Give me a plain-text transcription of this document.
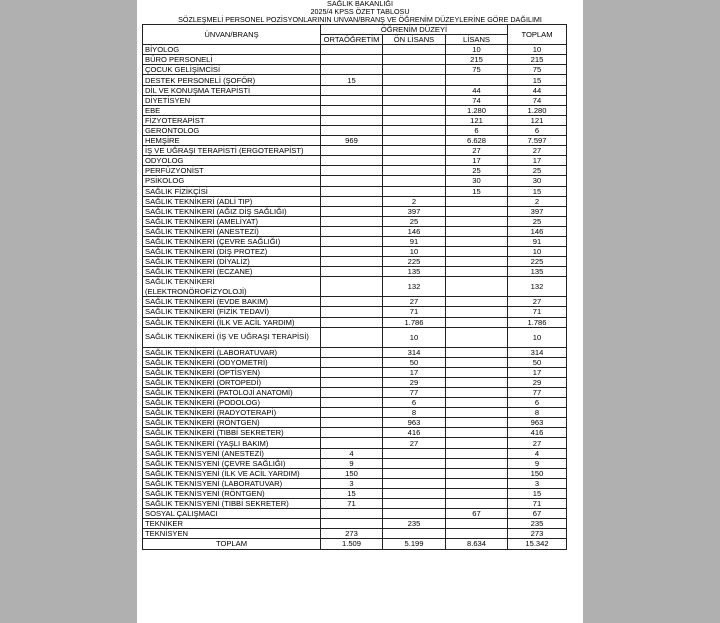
SAĞLIK BAKANLIĞI
2025/4 KPSS ÖZET TABLOSU
SÖZLEŞMELİ PERSONEL POZİSYONLARININ UNVAN/BRANŞ VE ÖĞRENİM DÜZEYLERİNE GÖRE DAĞILIMI
ÜNVAN/BRANŞ	ÖĞRENİM DÜZEYİ			TOPLAM
	ORTAÖĞRETİM	ÖN LİSANS	LİSANS	
BİYOLOG			10	10
BÜRO PERSONELİ			215	215
ÇOCUK GELİŞİMCİSİ			75	75
DESTEK PERSONELİ (ŞOFÖR)	15			15
DİL VE KONUŞMA TERAPİSTİ			44	44
DİYETİSYEN			74	74
EBE			1.280	1.280
FİZYOTERAPİST			121	121
GERONTOLOG			6	6
HEMŞİRE	969		6.628	7.597
İŞ VE UĞRAŞI TERAPİSTİ (ERGOTERAPİST)			27	27
ODYOLOG			17	17
PERFÜZYONİST			25	25
PSİKOLOG			30	30
SAĞLIK FİZİKÇİSİ			15	15
SAĞLIK TEKNİKERİ (ADLİ TIP)		2		2
SAĞLIK TEKNİKERİ (AĞIZ DİŞ SAĞLIĞI)		397		397
SAĞLIK TEKNİKERİ (AMELİYAT)		25		25
SAĞLIK TEKNİKERİ (ANESTEZİ)		146		146
SAĞLIK TEKNİKERİ (ÇEVRE SAĞLIĞI)		91		91
SAĞLIK TEKNİKERİ (DİŞ PROTEZ)		10		10
SAĞLIK TEKNİKERİ (DİYALİZ)		225		225
SAĞLIK TEKNİKERİ (ECZANE)		135		135
SAĞLIK TEKNİKERİ (ELEKTRONÖROFİZYOLOJİ)		132		132
SAĞLIK TEKNİKERİ (EVDE BAKIM)		27		27
SAĞLIK TEKNİKERİ (FİZİK TEDAVİ)		71		71
SAĞLIK TEKNİKERİ (İLK VE ACİL YARDIM)		1.786		1.786
SAĞLIK TEKNİKERİ (İŞ VE UĞRAŞI TERAPİSİ)		10		10
SAĞLIK TEKNİKERİ (LABORATUVAR)		314		314
SAĞLIK TEKNİKERİ (ODYOMETRİ)		50		50
SAĞLIK TEKNİKERİ (OPTİSYEN)		17		17
SAĞLIK TEKNİKERİ (ORTOPEDİ)		29		29
SAĞLIK TEKNİKERİ (PATOLOJİ ANATOMİ)		77		77
SAĞLIK TEKNİKERİ (PODOLOG)		6		6
SAĞLIK TEKNİKERİ (RADYOTERAPİ)		8		8
SAĞLIK TEKNİKERİ (RÖNTGEN)		963		963
SAĞLIK TEKNİKERİ (TIBBİ SEKRETER)		416		416
SAĞLIK TEKNİKERİ (YAŞLI BAKIM)		27		27
SAĞLIK TEKNİSYENİ (ANESTEZİ)	4			4
SAĞLIK TEKNİSYENİ (ÇEVRE SAĞLIĞI)	9			9
SAĞLIK TEKNİSYENİ (İLK VE ACİL YARDIM)	150			150
SAĞLIK TEKNİSYENİ (LABORATUVAR)	3			3
SAĞLIK TEKNİSYENİ (RÖNTGEN)	15			15
SAĞLIK TEKNİSYENİ (TIBBİ SEKRETER)	71			71
SOSYAL ÇALIŞMACI			67	67
TEKNİKER		235		235
TEKNİSYEN	273			273
TOPLAM	1.509	5.199	8.634	15.342
